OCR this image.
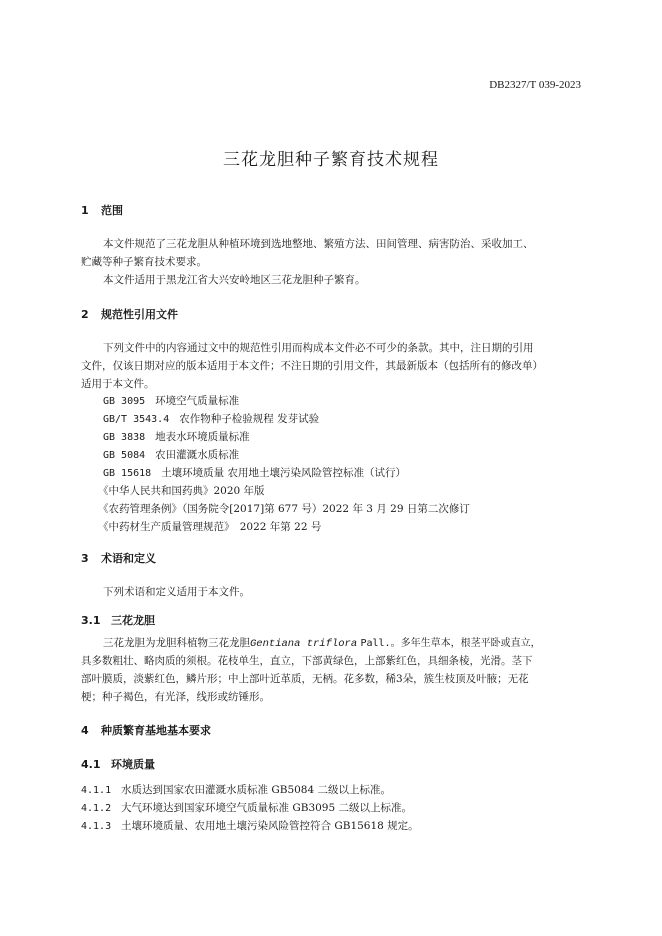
DB2327/T 039-2023
三花龙胆种子繁育技术规程
1 范围
本文件规范了三花龙胆从种植环境到选地整地、繁殖方法、田间管理、病害防治、采收加工、
贮藏等种子繁育技术要求。
本文件适用于黑龙江省大兴安岭地区三花龙胆种子繁育。
2 规范性引用文件
下列文件中的内容通过文中的规范性引用而构成本文件必不可少的条款。其中，注日期的引用
文件，仅该日期对应的版本适用于本文件；不注日期的引用文件，其最新版本（包括所有的修改单）
适用于本文件。
GB 3095 环境空气质量标准
GB/T 3543.4 农作物种子检验规程 发芽试验
GB 3838 地表水环境质量标准
GB 5084 农田灌溉水质标准
GB 15618 土壤环境质量 农用地土壤污染风险管控标准（试行）
《中华人民共和国药典》2020 年版
《农药管理条例》（国务院令[2017]第 677 号）2022 年 3 月 29 日第二次修订
《中药材生产质量管理规范》　2022 年第 22 号
3 术语和定义
下列术语和定义适用于本文件。
3.1 三花龙胆
三花龙胆为龙胆科植物三花龙胆Gentiana triflora Pall.。多年生草本，根茎平卧或直立，
具多数粗壮、略肉质的须根。花枝单生，直立，下部黄绿色，上部紫红色，具细条棱，光滑。茎下
部叶膜质，淡紫红色，鳞片形；中上部叶近革质，无柄。花多数，稀3朵，簇生枝顶及叶腋；无花
梗；种子褐色，有光泽，线形或纺锤形。
4 种质繁育基地基本要求
4.1 环境质量
4.1.1 水质达到国家农田灌溉水质标准 GB5084 二级以上标准。
4.1.2 大气环境达到国家环境空气质量标准 GB3095 二级以上标准。
4.1.3 土壤环境质量、农用地土壤污染风险管控符合 GB15618 规定。
